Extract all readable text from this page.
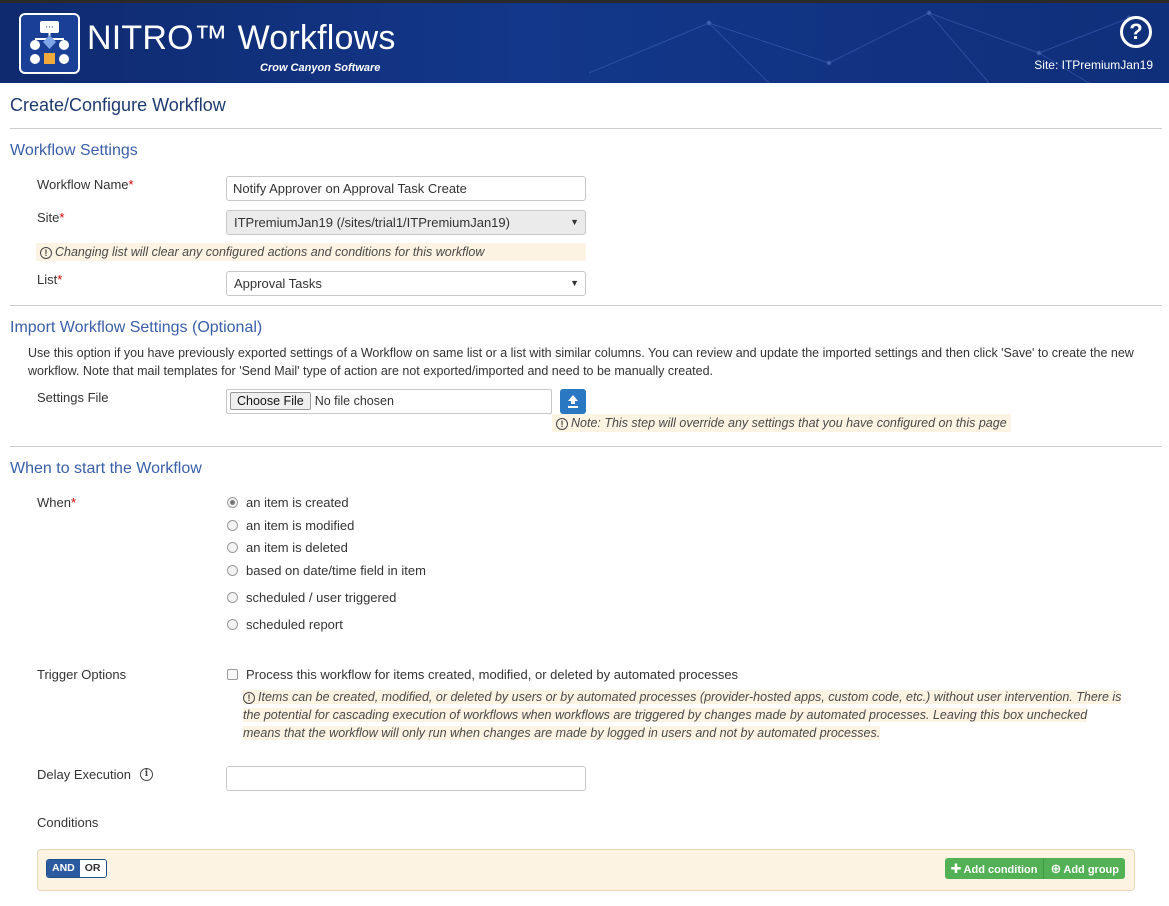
··· NITRO™ Workflows
Crow Canyon Software
?
Site: ITPremiumJan19
Create/Configure Workflow
Workflow Settings
Workflow Name*	Notify Approver on Approval Task Create
Site*	ITPremiumJan19 (/sites/trial1/ITPremiumJan19)	▼
! Changing list will clear any configured actions and conditions for this workflow
List*	Approval Tasks	▼
Import Workflow Settings (Optional)
Use this option if you have previously exported settings of a Workflow on same list or a list with similar columns. You can review and update the imported settings and then click 'Save' to create the new workflow. Note that mail templates for 'Send Mail' type of action are not exported/imported and need to be manually created.
Settings File	Choose File No file chosen
! Note: This step will override any settings that you have configured on this page
When to start the Workflow
When*	an item is created
an item is modified
an item is deleted
based on date/time field in item
scheduled / user triggered
scheduled report
Trigger Options	Process this workflow for items created, modified, or deleted by automated processes
! Items can be created, modified, or deleted by users or by automated processes (provider-hosted apps, custom code, etc.) without user intervention. There is the potential for cascading execution of workflows when workflows are triggered by changes made by automated processes. Leaving this box unchecked means that the workflow will only run when changes are made by logged in users and not by automated processes.
Delay Execution	i
Conditions
AND OR	✚ Add condition	⊕ Add group
